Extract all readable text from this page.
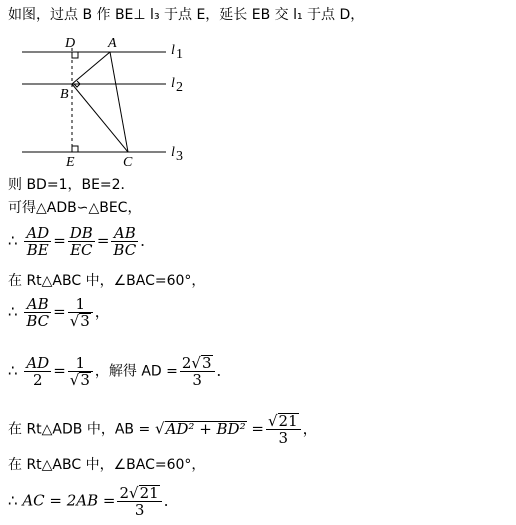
如图，过点 B 作 BE⊥ l₃ 于点 E，延长 EB 交 l₁ 于点 D，
D A
B
E	C
l 1
l 2
l 3
则 BD=1，BE=2．
可得△ADB∽△BEC，
∴ $\frac{AD}{BE} = \frac{DB}{EC} = \frac{AB}{BC}$ ．
在 Rt△ABC 中，∠BAC=60°，
∴ $\frac{AB}{BC} = \frac{1}{√3}$ ，
∴ $\frac{AD}{2} = \frac{1}{√3}$ ，解得 AD = $\frac{2√3}{3}$ ．
在 Rt△ADB 中，AB = $√AD^2 + BD^2 = \frac{√21}{3}$ ，
在 Rt△ABC 中，∠BAC=60°，
∴ AC = $2AB = \frac{2√21}{3}$ ．
